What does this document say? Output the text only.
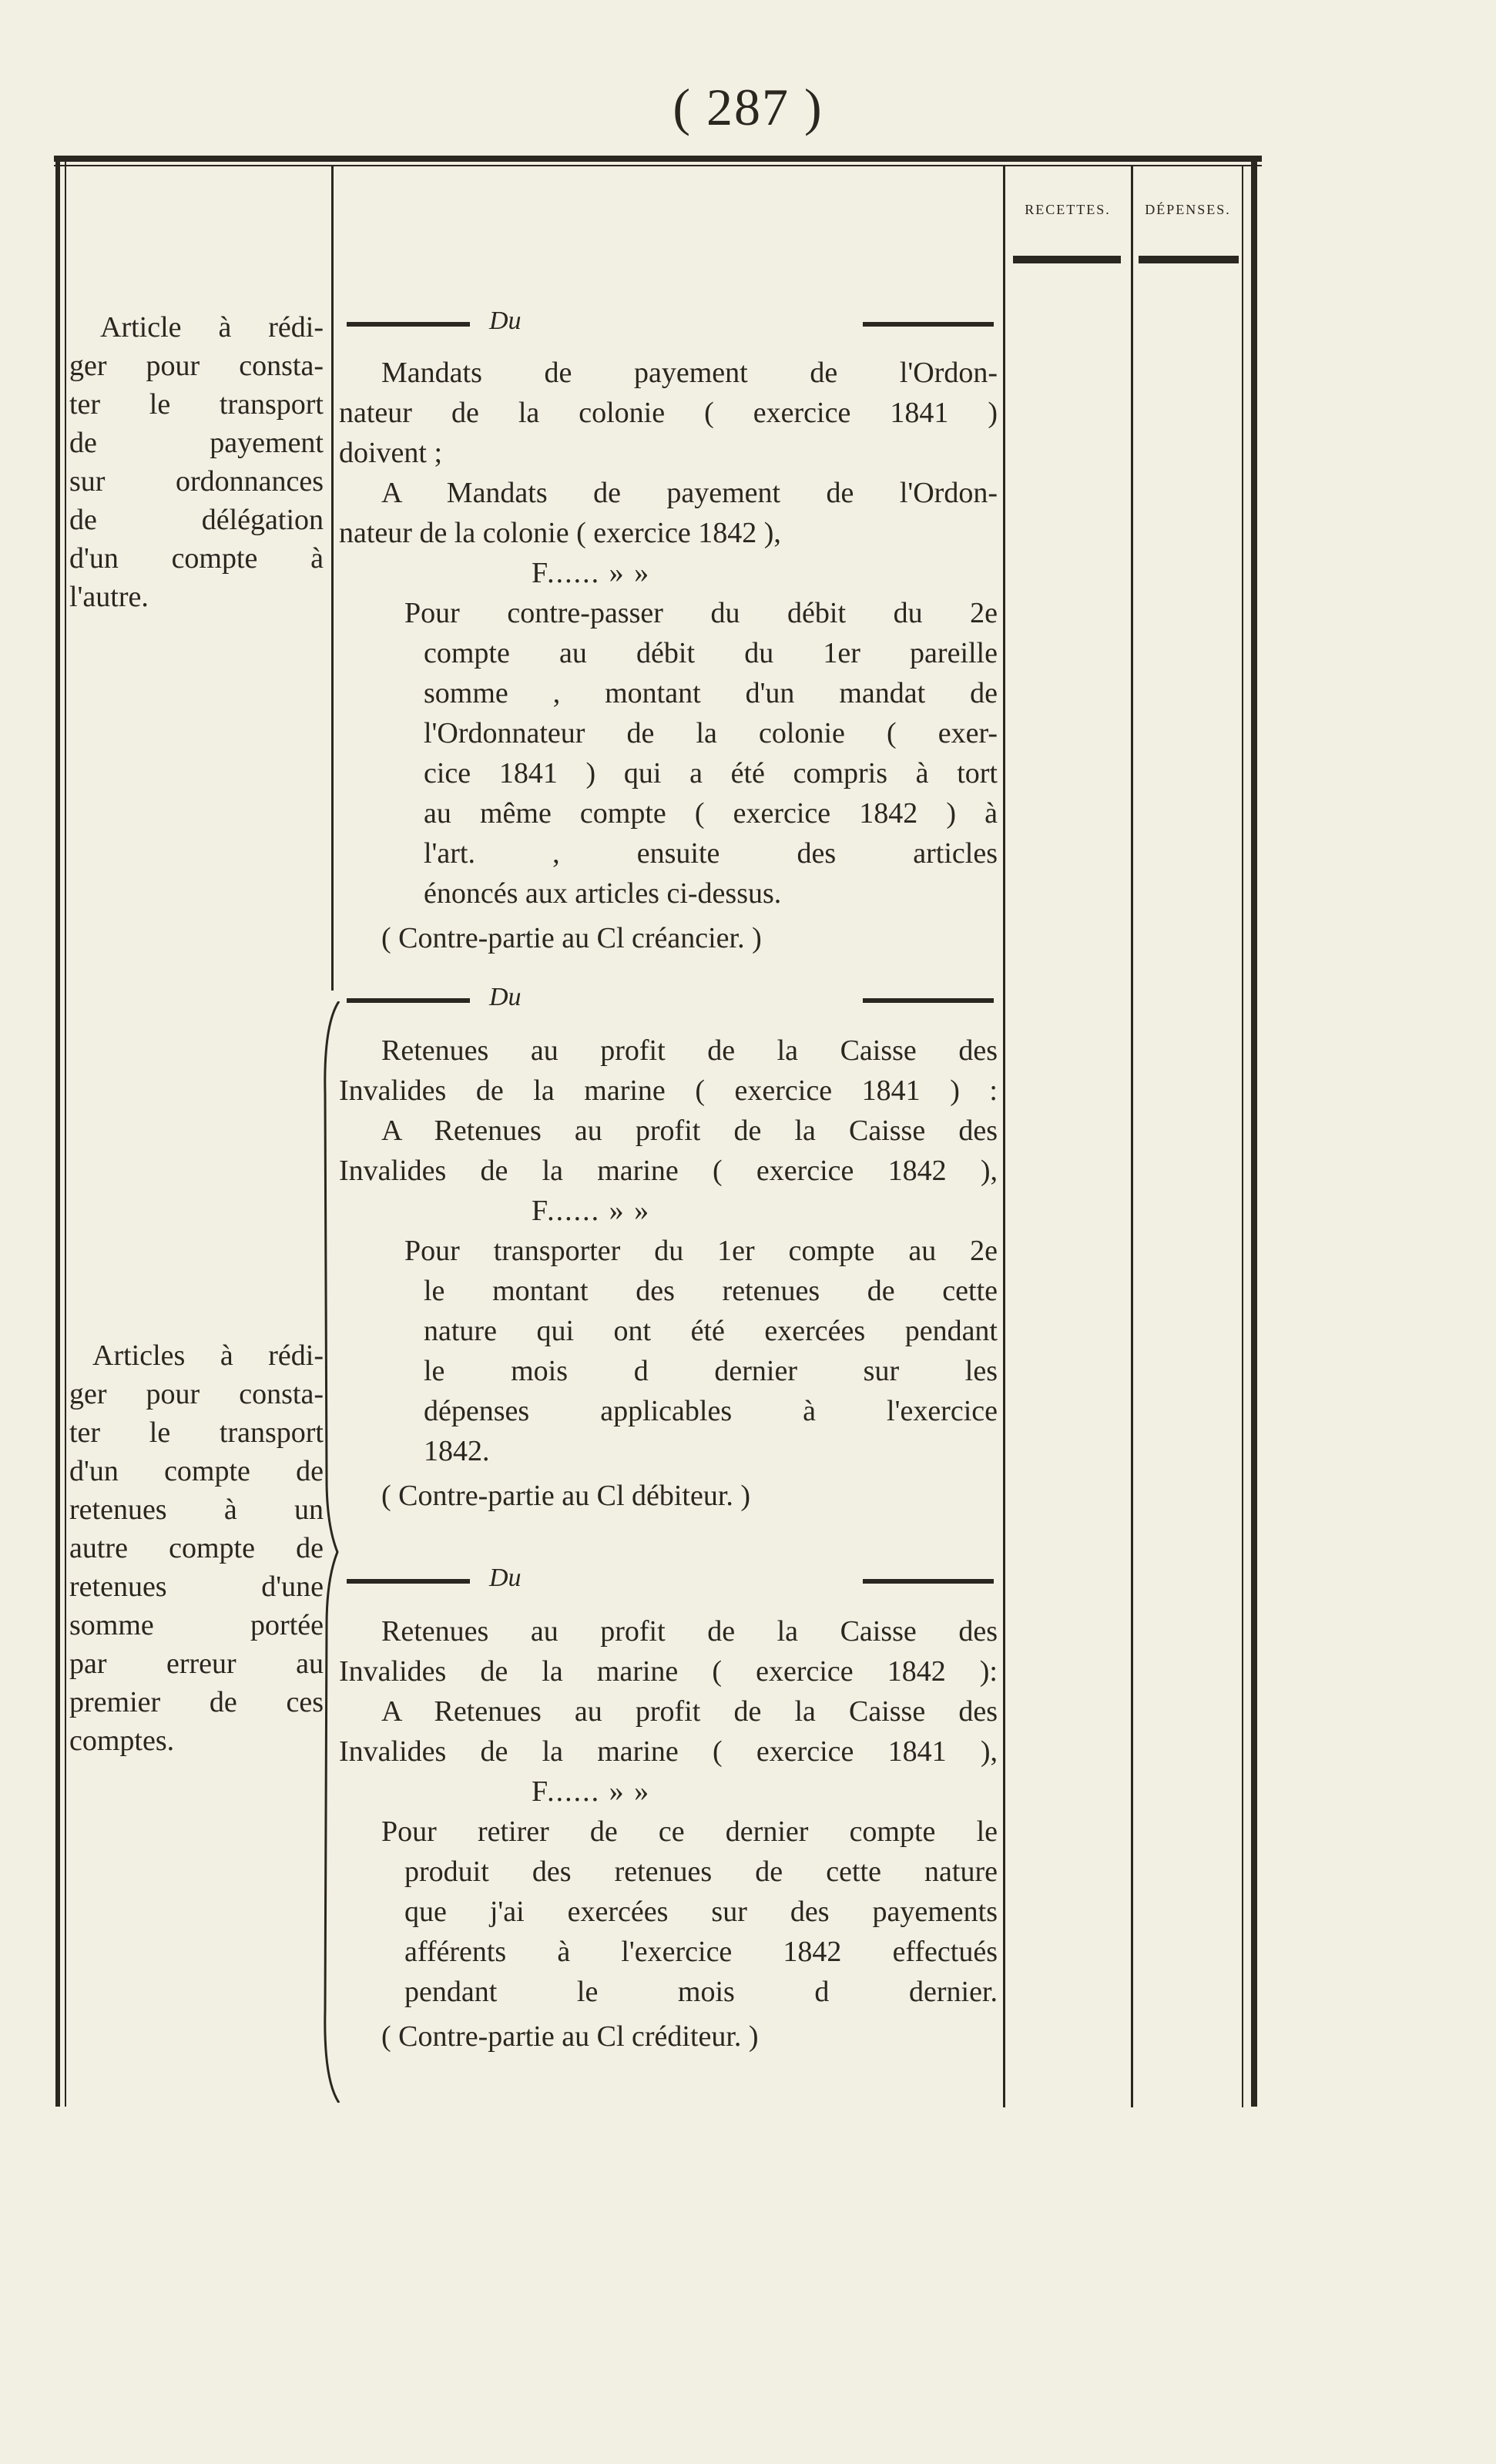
( 287 )
RECETTES.	DÉPENSES.
Article à rédi-
ger pour consta-
ter le transport
de payement
sur ordonnances
de délégation
d'un compte à
l'autre.
Articles à rédi-
ger pour consta-
ter le transport
d'un compte de
retenues à un
autre compte de
retenues d'une
somme portée
par erreur au
premier de ces
comptes.
Du
Mandats de payement de l'Ordon-
nateur de la colonie ( exercice 1841 )
doivent ;
A Mandats de payement de l'Ordon-
nateur de la colonie ( exercice 1842 ),
F...... » »
Pour contre-passer du débit du 2e
compte au débit du 1er pareille
somme , montant d'un mandat de
l'Ordonnateur de la colonie ( exer-
cice 1841 ) qui a été compris à tort
au même compte ( exercice 1842 ) à
l'art. , ensuite des articles
énoncés aux articles ci-dessus.
( Contre-partie au Cl créancier. )
Du
Retenues au profit de la Caisse des
Invalides de la marine ( exercice 1841 ) :
A Retenues au profit de la Caisse des
Invalides de la marine ( exercice 1842 ),
F...... » »
Pour transporter du 1er compte au 2e
le montant des retenues de cette
nature qui ont été exercées pendant
le mois d dernier sur les
dépenses applicables à l'exercice
1842.
( Contre-partie au Cl débiteur. )
Du
Retenues au profit de la Caisse des
Invalides de la marine ( exercice 1842 ):
A Retenues au profit de la Caisse des
Invalides de la marine ( exercice 1841 ),
F...... » »
Pour retirer de ce dernier compte le
produit des retenues de cette nature
que j'ai exercées sur des payements
afférents à l'exercice 1842 effectués
pendant le mois d dernier.
( Contre-partie au Cl créditeur. )
